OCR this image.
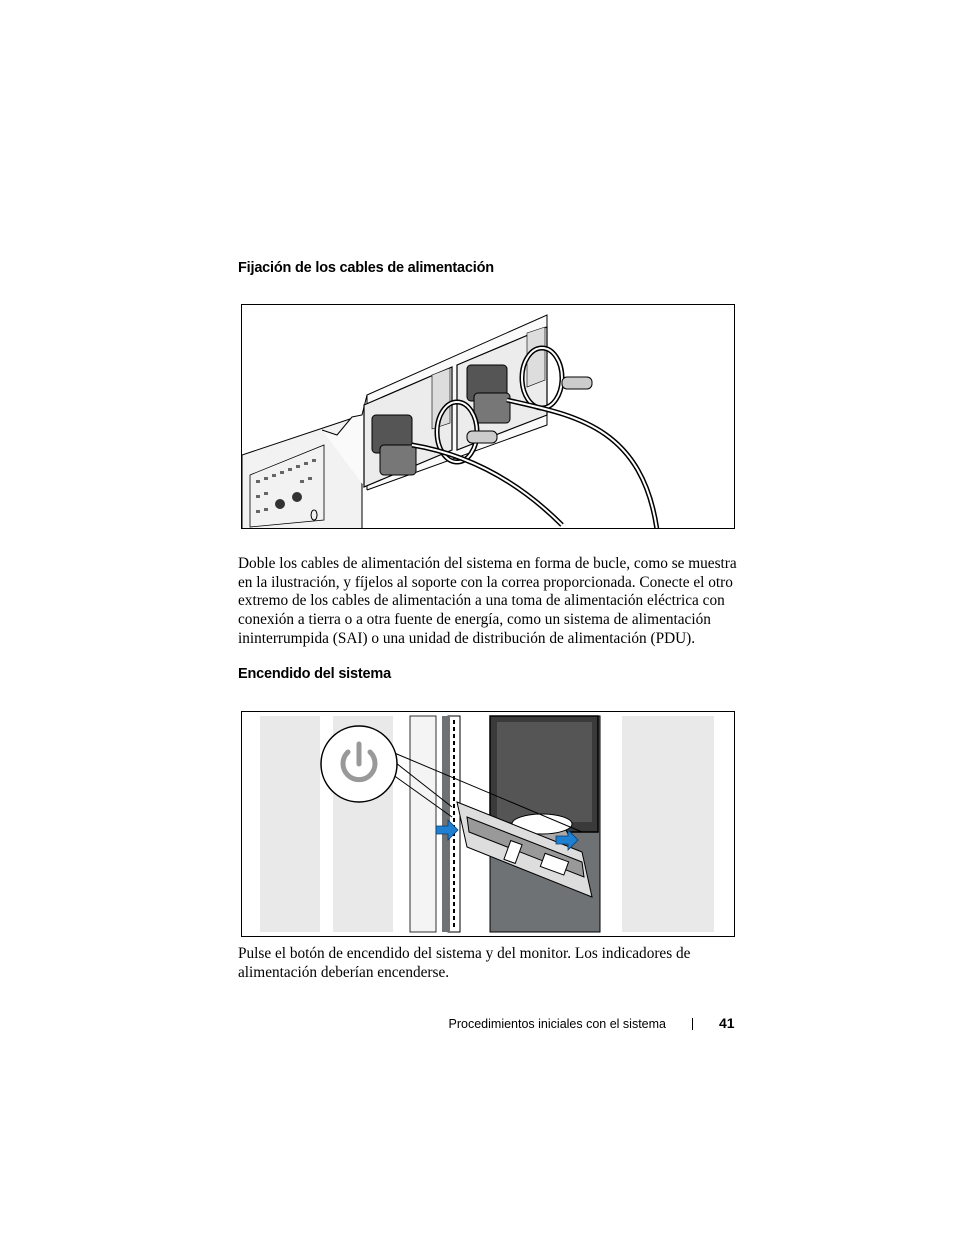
Fijación de los cables de alimentación

Doble los cables de alimentación del sistema en forma de bucle, como se muestra en la ilustración, y fíjelos al soporte con la correa proporcionada. Conecte el otro extremo de los cables de alimentación a una toma de alimentación eléctrica con conexión a tierra o a otra fuente de energía, como un sistema de alimentación ininterrumpida (SAI) o una unidad de distribución de alimentación (PDU).

Encendido del sistema

Pulse el botón de encendido del sistema y del monitor. Los indicadores de alimentación deberían encenderse.

Procedimientos iniciales con el sistema	41
